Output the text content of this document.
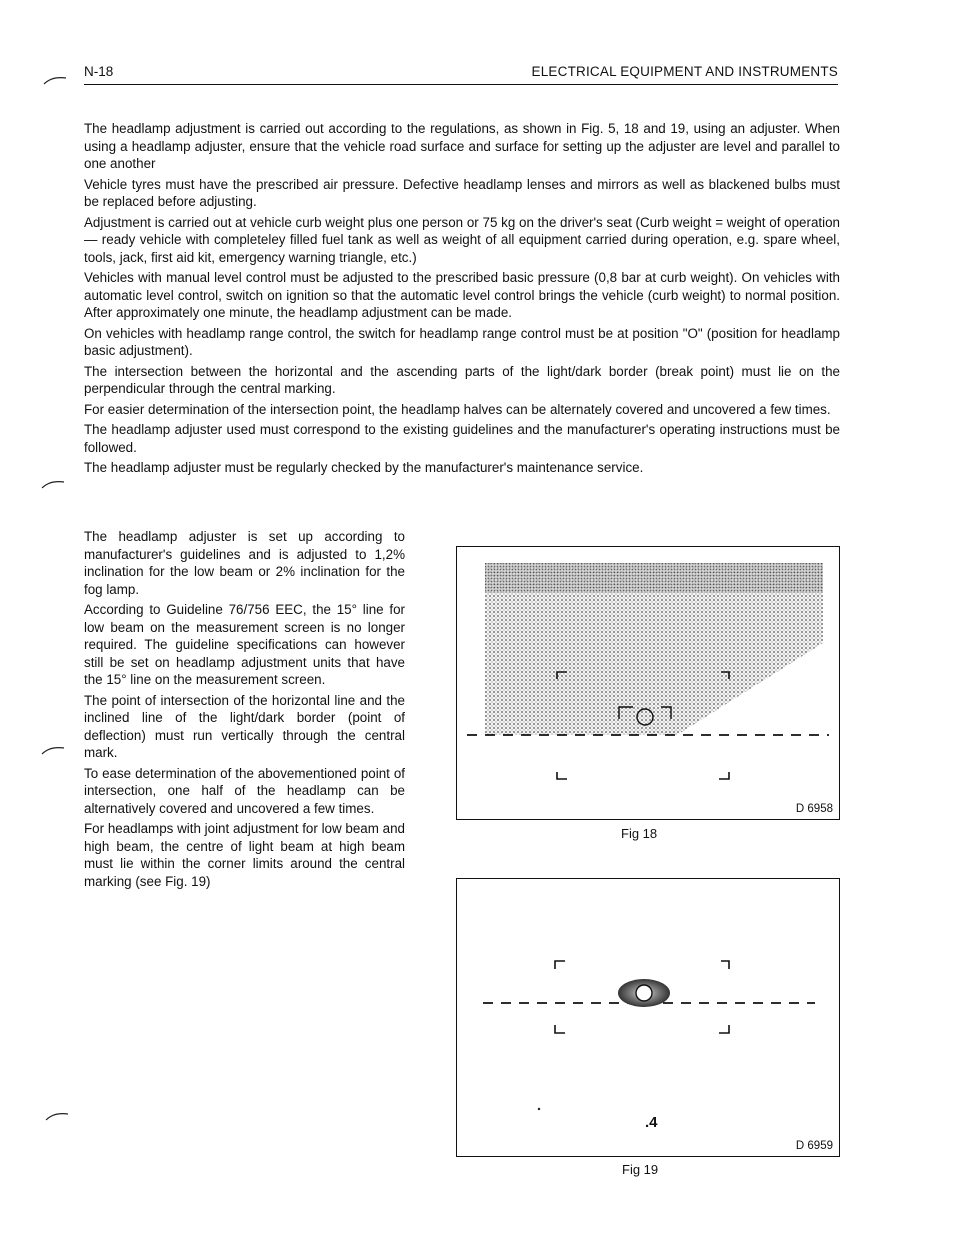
N-18	ELECTRICAL EQUIPMENT AND INSTRUMENTS

The headlamp adjustment is carried out according to the regulations, as shown in Fig. 5, 18 and 19, using an adjuster. When using a headlamp adjuster, ensure that the vehicle road surface and surface for setting up the adjuster are level and parallel to one another

Vehicle tyres must have the prescribed air pressure. Defective headlamp lenses and mirrors as well as blackened bulbs must be replaced before adjusting.

Adjustment is carried out at vehicle curb weight plus one person or 75 kg on the driver's seat (Curb weight = weight of operation — ready vehicle with completeley filled fuel tank as well as weight of all equipment carried during operation, e.g. spare wheel, tools, jack, first aid kit, emergency warning triangle, etc.)

Vehicles with manual level control must be adjusted to the prescribed basic pressure (0,8 bar at curb weight). On vehicles with automatic level control, switch on ignition so that the automatic level control brings the vehicle (curb weight) to normal position. After approximately one minute, the headlamp adjustment can be made.

On vehicles with headlamp range control, the switch for headlamp range control must be at position "O" (position for headlamp basic adjustment).

The intersection between the horizontal and the ascending parts of the light/dark border (break point) must lie on the perpendicular through the central marking.

For easier determination of the intersection point, the headlamp halves can be alternately covered and uncovered a few times.

The headlamp adjuster used must correspond to the existing guidelines and the manufacturer's operating instructions must be followed.

The headlamp adjuster must be regularly checked by the manufacturer's maintenance service.

The headlamp adjuster is set up according to manufacturer's guidelines and is adjusted to 1,2% inclination for the low beam or 2% inclination for the fog lamp.

According to Guideline 76/756 EEC, the 15° line for low beam on the measurement screen is no longer required. The guideline specifications can however still be set on headlamp adjustment units that have the 15° line on the measurement screen.

The point of intersection of the horizontal line and the inclined line of the light/dark border (point of deflection) must run vertically through the central mark.

To ease determination of the abovementioned point of intersection, one half of the headlamp can be alternatively covered and uncovered a few times.

For headlamps with joint adjustment for low beam and high beam, the centre of light beam at high beam must lie within the corner limits around the central marking (see Fig. 19)

D 6958
Fig 18
.4
D 6959
Fig 19
